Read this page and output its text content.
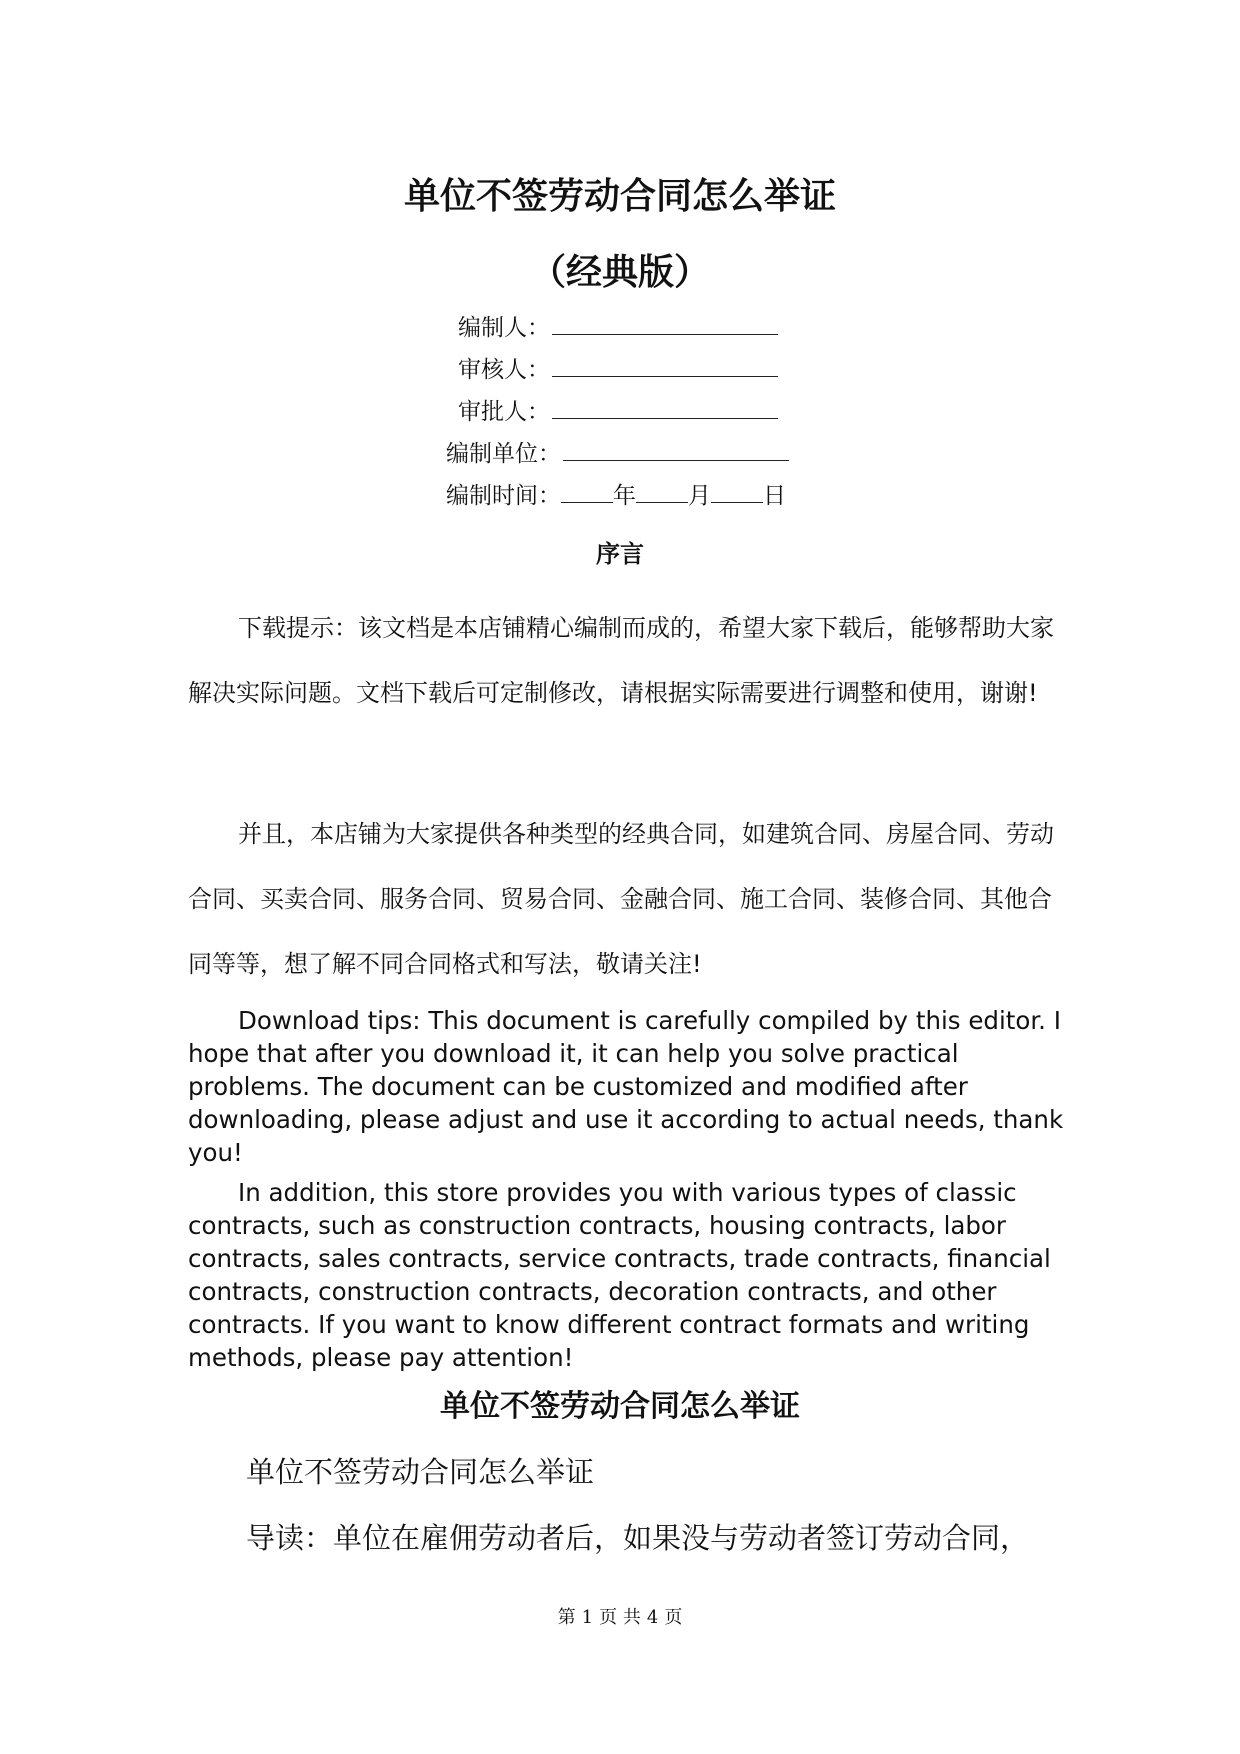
单位不签劳动合同怎么举证
（经典版）
编制人：
审核人：
审批人：
编制单位：
编制时间： 年 月 日
序言

下载提示：该文档是本店铺精心编制而成的，希望大家下载后，能够帮助大家解决实际问题。文档下载后可定制修改，请根据实际需要进行调整和使用，谢谢!

并且，本店铺为大家提供各种类型的经典合同，如建筑合同、房屋合同、劳动合同、买卖合同、服务合同、贸易合同、金融合同、施工合同、装修合同、其他合同等等，想了解不同合同格式和写法，敬请关注!

Download tips: This document is carefully compiled by this editor. I hope that after you download it, it can help you solve practical problems. The document can be customized and modified after downloading, please adjust and use it according to actual needs, thank you!

In addition, this store provides you with various types of classic contracts, such as construction contracts, housing contracts, labor contracts, sales contracts, service contracts, trade contracts, financial contracts, construction contracts, decoration contracts, and other contracts. If you want to know different contract formats and writing methods, please pay attention!

单位不签劳动合同怎么举证

单位不签劳动合同怎么举证

导读：单位在雇佣劳动者后，如果没与劳动者签订劳动合同，

第 1 页 共 4 页
